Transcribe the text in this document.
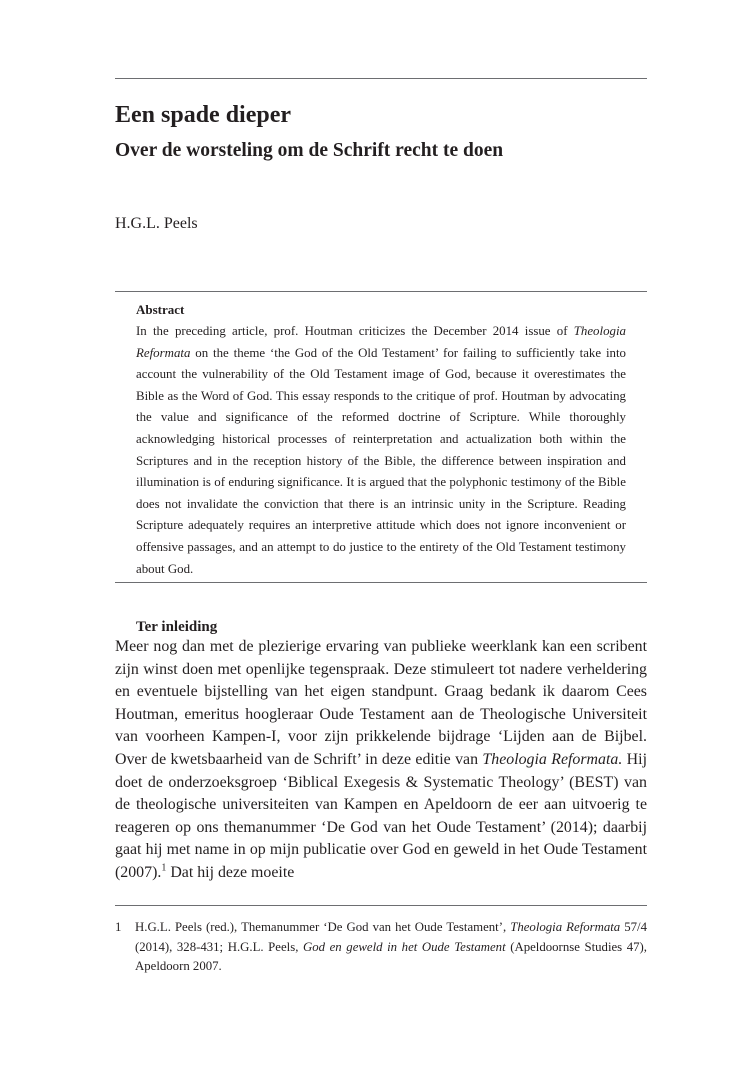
Een spade dieper
Over de worsteling om de Schrift recht te doen
H.G.L. Peels
Abstract

In the preceding article, prof. Houtman criticizes the December 2014 issue of Theologia Reformata on the theme ‘the God of the Old Testament’ for failing to sufficiently take into account the vulnerability of the Old Testament image of God, because it overestimates the Bible as the Word of God. This essay responds to the critique of prof. Houtman by advocating the value and significance of the reformed doctrine of Scripture. While thoroughly acknowledging historical processes of reinterpretation and actualization both within the Scriptures and in the reception history of the Bible, the difference between inspiration and illumination is of enduring significance. It is argued that the polyphonic testimony of the Bible does not invalidate the conviction that there is an intrinsic unity in the Scripture. Reading Scripture adequately requires an interpretive attitude which does not ignore inconvenient or offensive passages, and an attempt to do justice to the entirety of the Old Testament testimony about God.

Ter inleiding

Meer nog dan met de plezierige ervaring van publieke weerklank kan een scribent zijn winst doen met openlijke tegenspraak. Deze stimuleert tot nadere verheldering en eventuele bijstelling van het eigen standpunt. Graag bedank ik daarom Cees Houtman, emeritus hoogleraar Oude Testament aan de Theologische Universiteit van voorheen Kampen-I, voor zijn prikkelende bijdrage ‘Lijden aan de Bijbel. Over de kwetsbaarheid van de Schrift’ in deze editie van Theologia Reformata. Hij doet de onderzoeksgroep ‘Biblical Exegesis & Systematic Theology’ (BEST) van de theologische universiteiten van Kampen en Apeldoorn de eer aan uitvoerig te reageren op ons themanummer ‘De God van het Oude Testament’ (2014); daarbij gaat hij met name in op mijn publicatie over God en geweld in het Oude Testament (2007).$^1$ Dat hij deze moeite

1 H.G.L. Peels (red.), Themanummer ‘De God van het Oude Testament’, Theologia Reformata 57/4 (2014), 328-431; H.G.L. Peels, God en geweld in het Oude Testament (Apeldoornse Studies 47), Apeldoorn 2007.
